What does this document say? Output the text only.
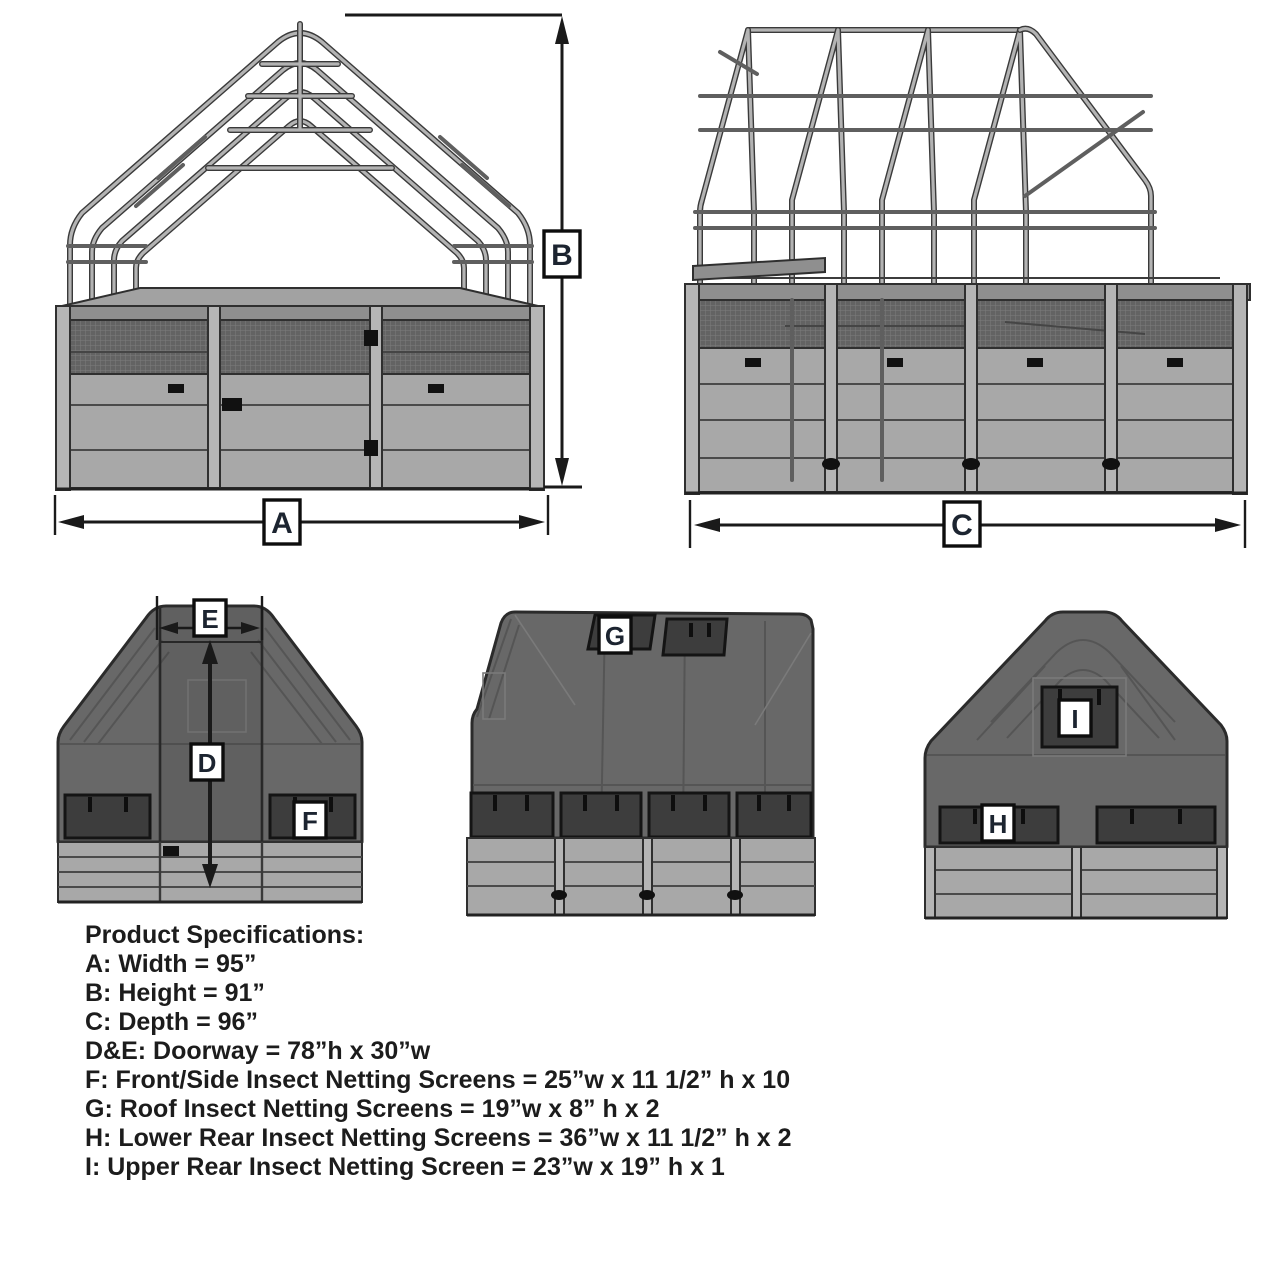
A
B
C
E
D
F
G
I
H
Product Specifications:
A: Width = 95”
B: Height = 91”
C: Depth = 96”
D&E: Doorway = 78”h x 30”w
F: Front/Side Insect Netting Screens = 25”w x 11 1/2” h x 10
G: Roof Insect Netting Screens = 19”w x 8” h x 2
H: Lower Rear Insect Netting Screens = 36”w x 11 1/2” h x 2
I: Upper Rear Insect Netting Screen = 23”w x 19” h x 1
